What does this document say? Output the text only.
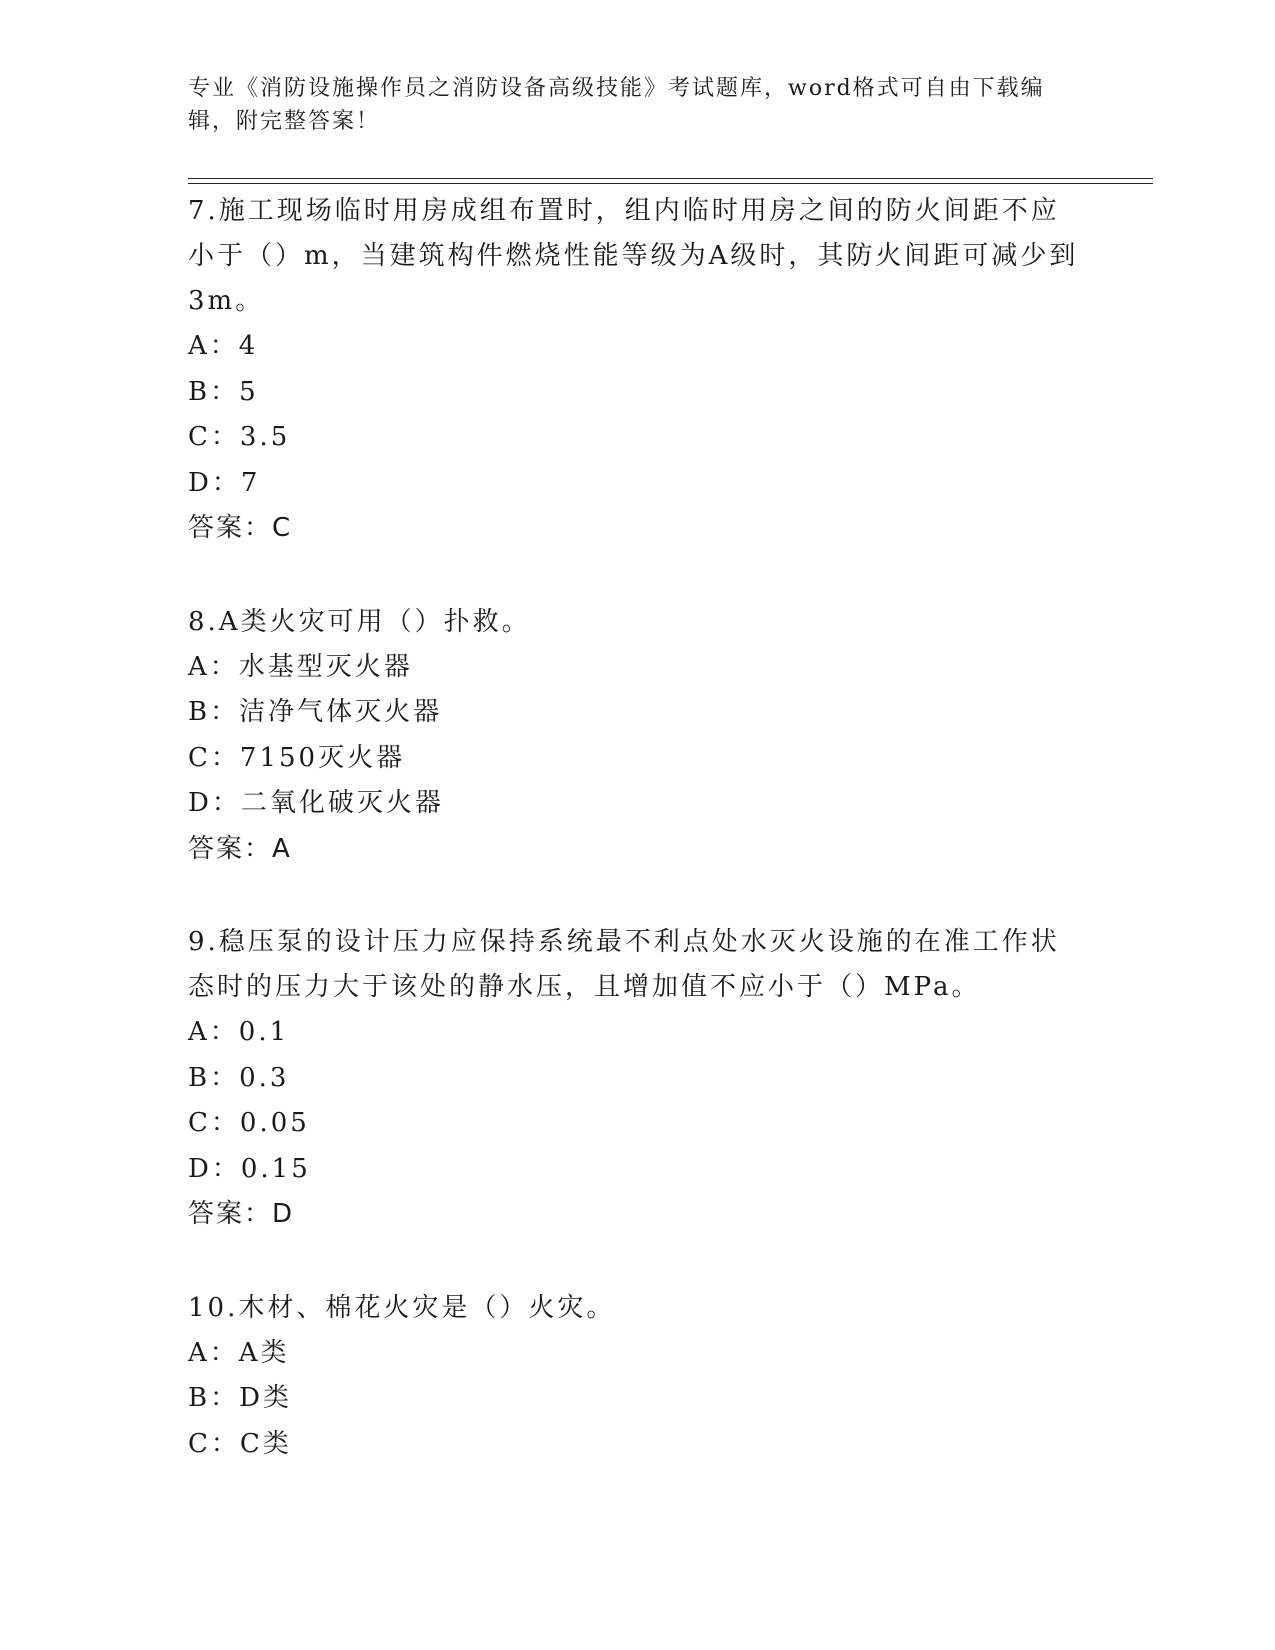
专业《消防设施操作员之消防设备高级技能》考试题库，word格式可自由下载编辑，附完整答案！

7.施工现场临时用房成组布置时，组内临时用房之间的防火间距不应小于（）m，当建筑构件燃烧性能等级为A级时，其防火间距可减少到3m。

A：4

B：5

C：3.5

D：7

答案：C

8.A类火灾可用（）扑救。

A：水基型灭火器

B：洁净气体灭火器

C：7150灭火器

D：二氧化破灭火器

答案：A

9.稳压泵的设计压力应保持系统最不利点处水灭火设施的在准工作状态时的压力大于该处的静水压，且增加值不应小于（）MPa。

A：0.1

B：0.3

C：0.05

D：0.15

答案：D

10.木材、棉花火灾是（）火灾。

A：A类

B：D类

C：C类
